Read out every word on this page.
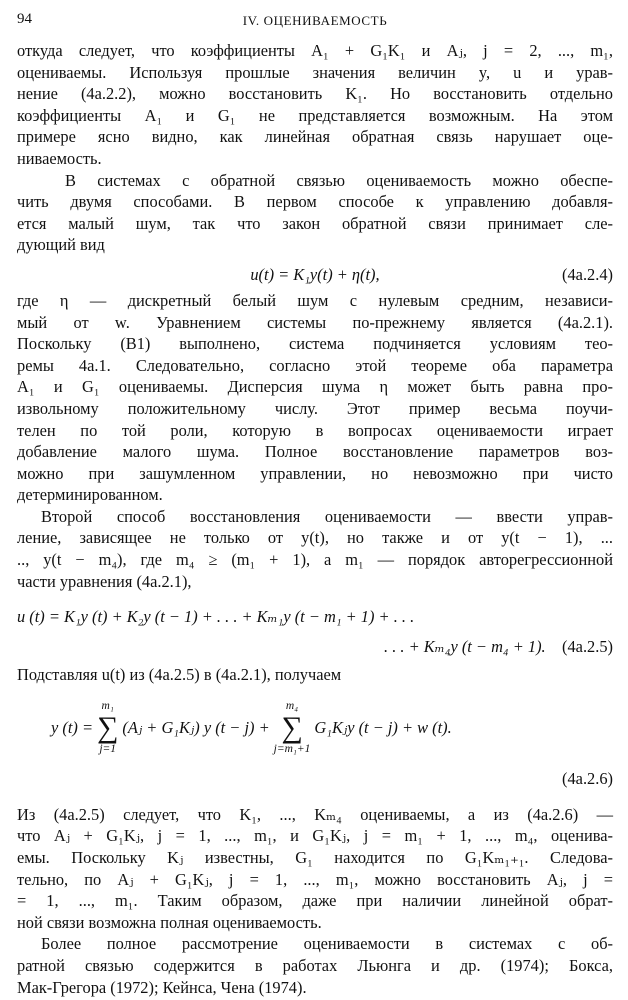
94	IV. ОЦЕНИВАЕМОСТЬ

откуда следует, что коэффициенты A₁ + G₁K₁ и Aⱼ, j = 2, ..., m₁,
оцениваемы. Используя прошлые значения величин y, u и урав-
нение (4a.2.2), можно восстановить K₁. Но восстановить отдельно
коэффициенты A₁ и G₁ не представляется возможным. На этом
примере ясно видно, как линейная обратная связь нарушает оце-
ниваемость.

В системах с обратной связью оцениваемость можно обеспе-
чить двумя способами. В первом способе к управлению добавля-
ется малый шум, так что закон обратной связи принимает сле-
дующий вид

u(t) = K₁y(t) + η(t),	(4a.2.4)

где η — дискретный белый шум с нулевым средним, независи-
мый от w. Уравнением системы по-прежнему является (4a.2.1).
Поскольку (В1) выполнено, система подчиняется условиям тео-
ремы 4a.1. Следовательно, согласно этой теореме оба параметра
A₁ и G₁ оцениваемы. Дисперсия шума η может быть равна про-
извольному положительному числу. Этот пример весьма поучи-
телен по той роли, которую в вопросах оцениваемости играет
добавление малого шума. Полное восстановление параметров воз-
можно при зашумленном управлении, но невозможно при чисто
детерминированном.

Второй способ восстановления оцениваемости — ввести управ-
ление, зависящее не только от y(t), но также и от y(t − 1), ...
.., y(t − m₄), где m₄ ≥ (m₁ + 1), а m₁ — порядок авторегрессионной
части уравнения (4a.2.1),

u (t) = K₁y (t) + K₂y (t − 1) + . . . + Kₘ₁y (t − m₁ + 1) + . . .
. . . + Kₘ₄y (t − m₄ + 1). (4a.2.5)

Подставляя u(t) из (4a.2.5) в (4a.2.1), получаем

y (t) =
m₁
∑
j=1
(Aⱼ + G₁Kⱼ) y (t − j) +
m₄
∑
j=m₁+1
G₁Kⱼy (t − j) + w (t).
(4a.2.6)

Из (4a.2.5) следует, что K₁, ..., Kₘ₄ оцениваемы, а из (4a.2.6) —
что Aⱼ + G₁Kⱼ, j = 1, ..., m₁, и G₁Kⱼ, j = m₁ + 1, ..., m₄, оценива-
емы. Поскольку Kⱼ известны, G₁ находится по G₁Kₘ₁₊₁. Следова-
тельно, по Aⱼ + G₁Kⱼ, j = 1, ..., m₁, можно восстановить Aⱼ, j =
= 1, ..., m₁. Таким образом, даже при наличии линейной обрат-
ной связи возможна полная оцениваемость.

Более полное рассмотрение оцениваемости в системах с об-
ратной связью содержится в работах Льюнга и др. (1974); Бокса,
Мак-Грегора (1972); Кейнса, Чена (1974).
